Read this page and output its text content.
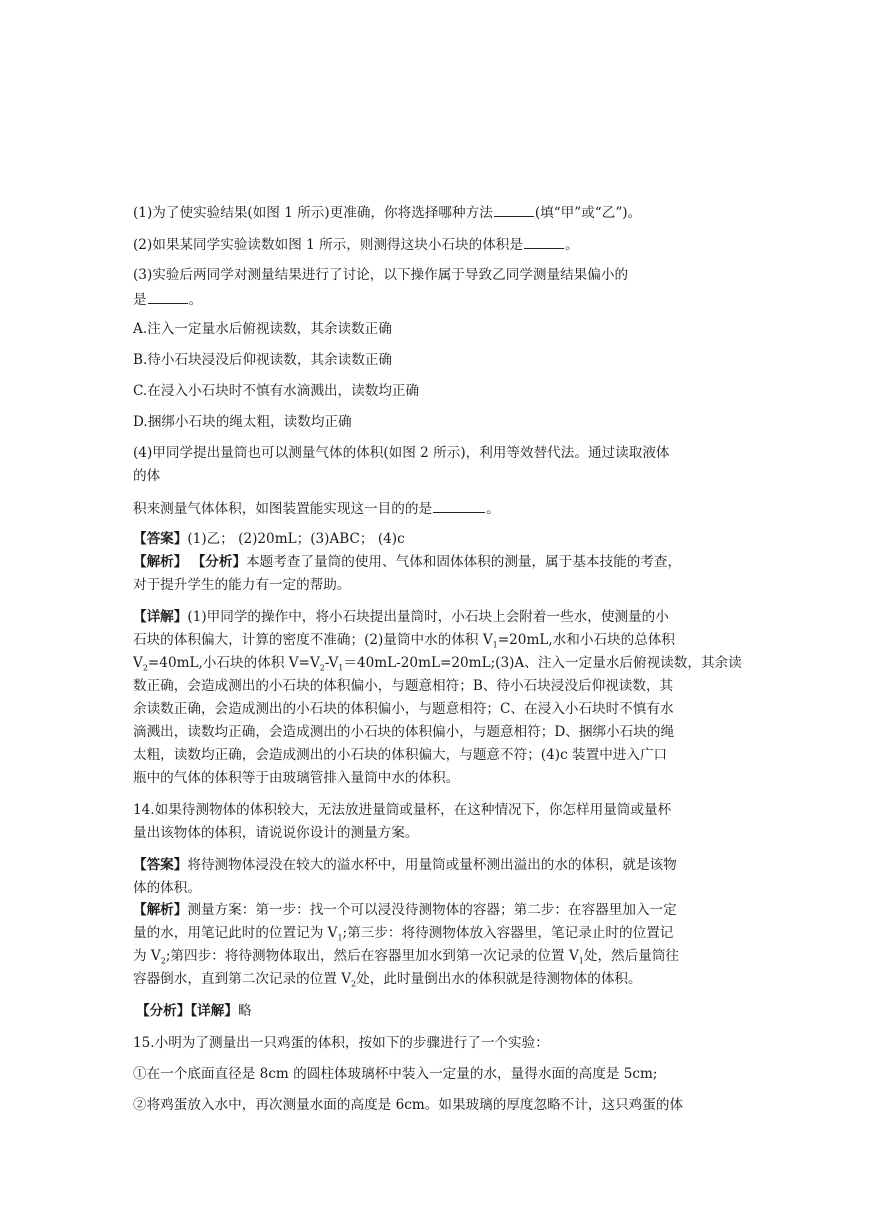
(1)为了使实验结果(如图 1 所示)更准确，你将选择哪种方法	(填“甲”或“乙”)。
(2)如果某同学实验读数如图 1 所示，则测得这块小石块的体积是	。
(3)实验后两同学对测量结果进行了讨论，以下操作属于导致乙同学测量结果偏小的
是	。
A.注入一定量水后俯视读数，其余读数正确
B.待小石块浸没后仰视读数，其余读数正确
C.在浸入小石块时不慎有水滴溅出，读数均正确
D.捆绑小石块的绳太粗，读数均正确
(4)甲同学提出量筒也可以测量气体的体积(如图 2 所示)，利用等效替代法。通过读取液体
的体
积来测量气体体积，如图装置能实现这一目的的是	。
【答案】(1)乙； (2)20mL；(3)ABC； (4)c
【解析】 【分析】本题考查了量筒的使用、气体和固体体积的测量，属于基本技能的考查，
对于提升学生的能力有一定的帮助。
【详解】(1)甲同学的操作中，将小石块提出量筒时，小石块上会附着一些水，使测量的小
石块的体积偏大，计算的密度不准确；(2)量筒中水的体积 $V_1=20mL$,水和小石块的总体积
$V_2=40mL$,小石块的体积 $V=V_2-V_1=40mL-20mL=20mL;(3)A$、注入一定量水后俯视读数，其余读
数正确，会造成测出的小石块的体积偏小，与题意相符；B、待小石块浸没后仰视读数，其
余读数正确，会造成测出的小石块的体积偏小，与题意相符；C、在浸入小石块时不慎有水
滴溅出，读数均正确，会造成测出的小石块的体积偏小，与题意相符；D、捆绑小石块的绳
太粗，读数均正确，会造成测出的小石块的体积偏大，与题意不符；(4)c 装置中进入广口
瓶中的气体的体积等于由玻璃管排入量筒中水的体积。
14.如果待测物体的体积较大，无法放进量筒或量杯，在这种情况下，你怎样用量筒或量杯
量出该物体的体积，请说说你设计的测量方案。
【答案】将待测物体浸没在较大的溢水杯中，用量筒或量杯测出溢出的水的体积，就是该物
体的体积。
【解析】测量方案：第一步：找一个可以浸没待测物体的容器；第二步：在容器里加入一定
量的水，用笔记此时的位置记为 $V_1$;第三步：将待测物体放入容器里，笔记录止时的位置记
为 $V_2$;第四步：将待测物体取出，然后在容器里加水到第一次记录的位置 $V_1$处，然后量筒往
容器倒水，直到第二次记录的位置 $V_2$处，此时量倒出水的体积就是待测物体的体积。
【分析】【详解】略
15.小明为了测量出一只鸡蛋的体积，按如下的步骤进行了一个实验：
①在一个底面直径是 8cm 的圆柱体玻璃杯中装入一定量的水，量得水面的高度是 5cm;
②将鸡蛋放入水中，再次测量水面的高度是 6cm。如果玻璃的厚度忽略不计，这只鸡蛋的体
